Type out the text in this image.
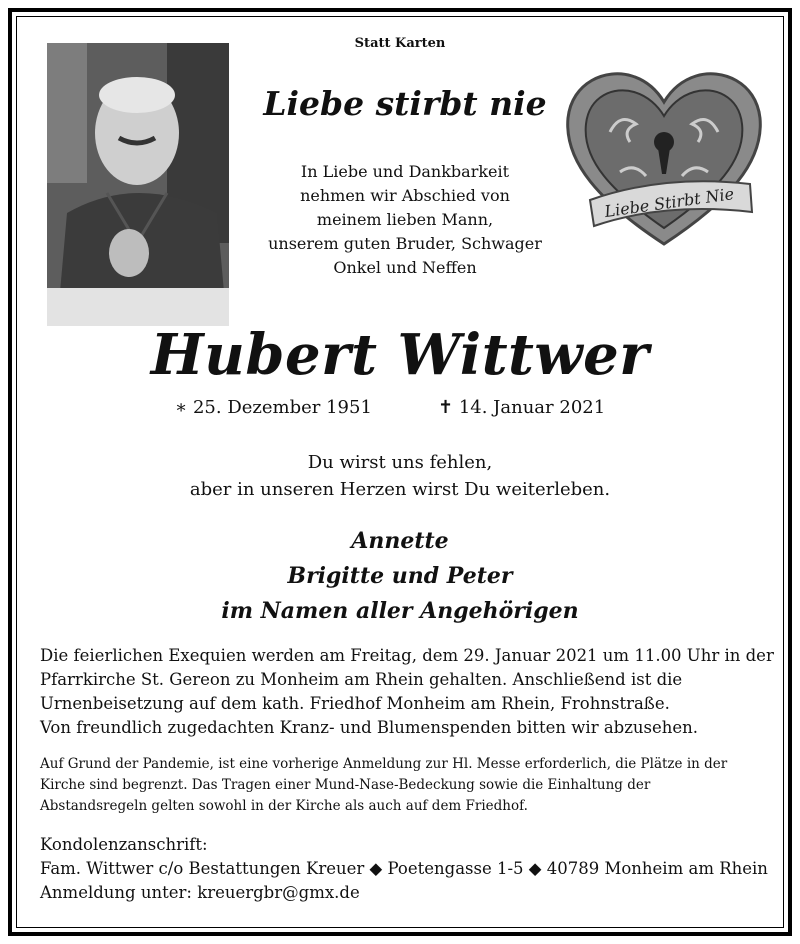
Statt Karten
Liebe stirbt nie
In Liebe und Dankbarkeit
nehmen wir Abschied von
meinem lieben Mann,
unserem guten Bruder, Schwager
Onkel und Neffen
Liebe Stirbt Nie
Hubert Wittwer
∗ 25. Dezember 1951	✝ 14. Januar 2021
Du wirst uns fehlen,
aber in unseren Herzen wirst Du weiterleben.
Annette
Brigitte und Peter
im Namen aller Angehörigen
Die feierlichen Exequien werden am Freitag, dem 29. Januar 2021 um 11.00 Uhr in der
Pfarrkirche St. Gereon zu Monheim am Rhein gehalten. Anschließend ist die
Urnenbeisetzung auf dem kath. Friedhof Monheim am Rhein, Frohnstraße.
Von freundlich zugedachten Kranz- und Blumenspenden bitten wir abzusehen.
Auf Grund der Pandemie, ist eine vorherige Anmeldung zur Hl. Messe erforderlich, die Plätze in der
Kirche sind begrenzt. Das Tragen einer Mund-Nase-Bedeckung sowie die Einhaltung der
Abstandsregeln gelten sowohl in der Kirche als auch auf dem Friedhof.
Kondolenzanschrift:
Fam. Wittwer c/o Bestattungen Kreuer ◆ Poetengasse 1-5 ◆ 40789 Monheim am Rhein
Anmeldung unter: kreuergbr@gmx.de
